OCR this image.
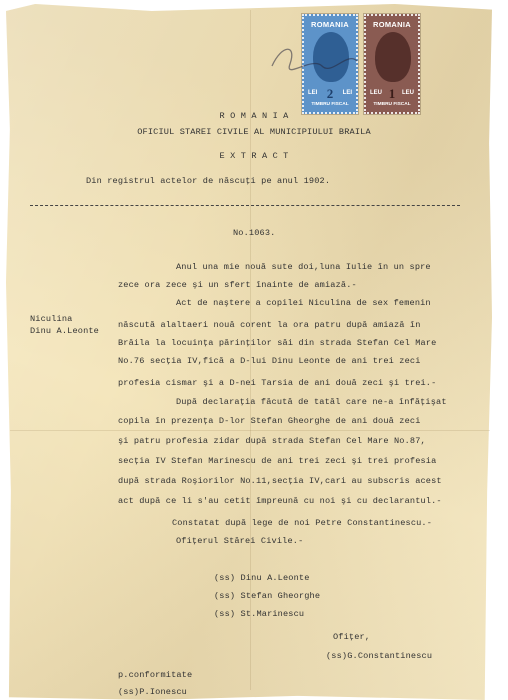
ROMANIA
LEI 2	LEI
TIMBRU FISCAL
ROMANIA
LEU 1	LEU
TIMBRU FISCAL
R O M A N I A
OFICIUL STAREI CIVILE AL MUNICIPIULUI BRAILA
E X T R A C T
Din registrul actelor de născuţi pe anul 1902.
No.1063.
Niculina
Dinu A.Leonte
Anul una mie nouă sute doi,luna Iulie în un spre
zece ora zece şi un sfert înainte de amiază.-
Act de naştere a copilei Niculina de sex femenin
născută alaltaeri nouă corent la ora patru după amiază în
Brăila la locuinţa părinţilor săi din strada Stefan Cel Mare
No.76 secţia IV,fică a D-lui Dinu Leonte de ani trei zeci
profesia cismar şi a D-nei Tarsia de ani două zeci şi trei.-
După declaraţia făcută de tatăl care ne-a înfăţişat
copila în prezenţa D-lor Stefan Gheorghe de ani două zeci
şi patru profesia zidar după strada Stefan Cel Mare No.87,
secţia IV Stefan Marinescu de ani trei zeci şi trei profesia
după strada Roşiorilor No.11,secţia IV,cari au subscris acest
act după ce li s'au cetit împreună cu noi şi cu declarantul.-
Constatat după lege de noi Petre Constantinescu.-
Ofiţerul Stărei Civile.-
(ss) Dinu A.Leonte
(ss) Stefan Gheorghe
(ss) St.Marinescu
Ofiţer,
(ss)G.Constantinescu
p.conformitate
(ss)P.Ionescu
